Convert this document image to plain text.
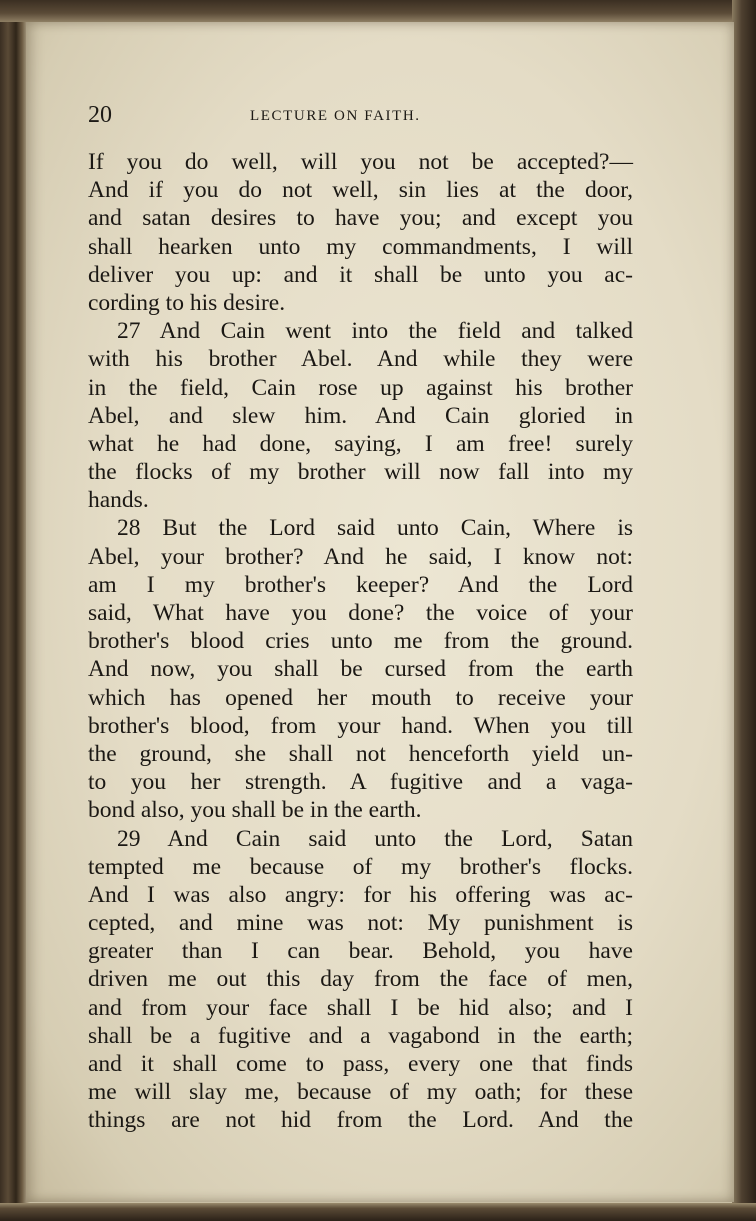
20	LECTURE ON FAITH.
If you do well, will you not be accepted?—
And if you do not well, sin lies at the door,
and satan desires to have you; and except you
shall hearken unto my commandments, I will
deliver you up: and it shall be unto you ac-
cording to his desire.
27 And Cain went into the field and talked
with his brother Abel. And while they were
in the field, Cain rose up against his brother
Abel, and slew him. And Cain gloried in
what he had done, saying, I am free! surely
the flocks of my brother will now fall into my
hands.
28 But the Lord said unto Cain, Where is
Abel, your brother? And he said, I know not:
am I my brother's keeper? And the Lord
said, What have you done? the voice of your
brother's blood cries unto me from the ground.
And now, you shall be cursed from the earth
which has opened her mouth to receive your
brother's blood, from your hand. When you till
the ground, she shall not henceforth yield un-
to you her strength. A fugitive and a vaga-
bond also, you shall be in the earth.
29 And Cain said unto the Lord, Satan
tempted me because of my brother's flocks.
And I was also angry: for his offering was ac-
cepted, and mine was not: My punishment is
greater than I can bear. Behold, you have
driven me out this day from the face of men,
and from your face shall I be hid also; and I
shall be a fugitive and a vagabond in the earth;
and it shall come to pass, every one that finds
me will slay me, because of my oath; for these
things are not hid from the Lord. And the
